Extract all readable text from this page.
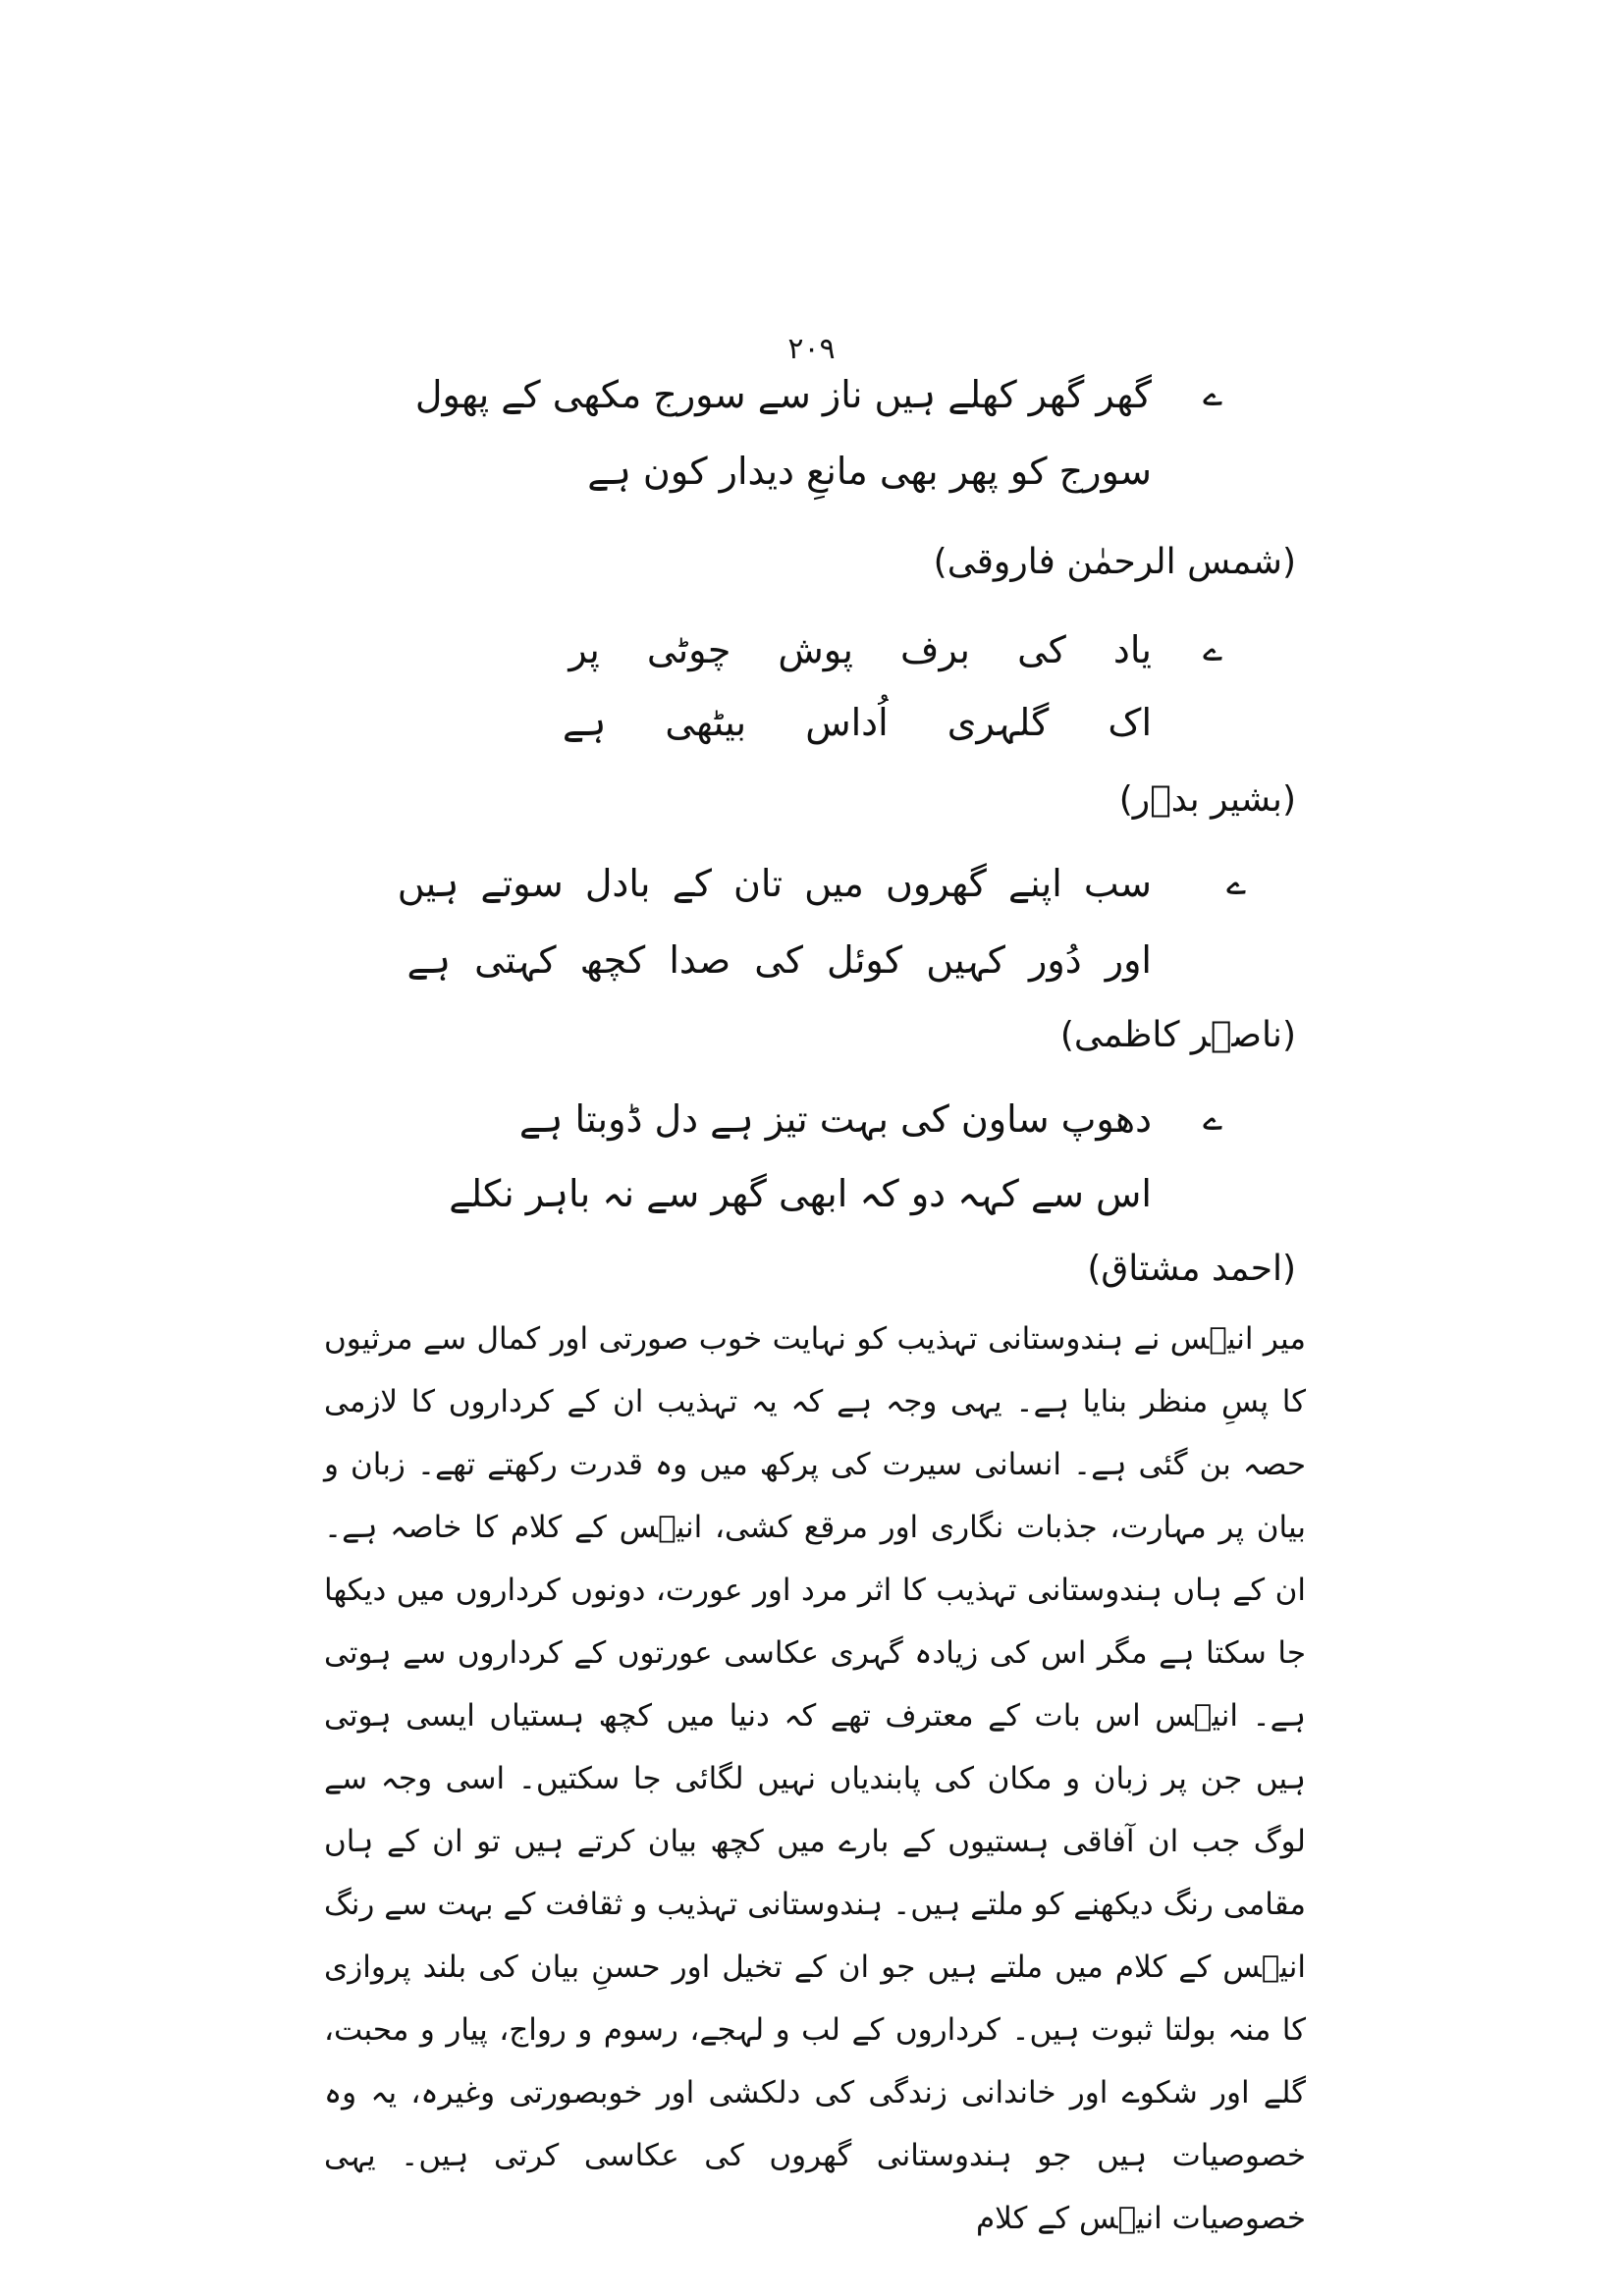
۲۰۹
ے
گھر گھر کھلے ہیں ناز سے سورج مکھی کے پھول
سورج کو پھر بھی مانعِ دیدار کون ہے
(شمس الرحمٰن فاروقی)
ے
یاد کی برف پوش چوٹی پر
اک گلہری اُداس بیٹھی ہے
(بشیر بدؔر)
ے
سب اپنے گھروں میں تان کے بادل سوتے ہیں
اور دُور کہیں کوئل کی صدا کچھ کہتی ہے
(ناصؔر کاظمی)
ے
دھوپ ساون کی بہت تیز ہے دل ڈوبتا ہے
اس سے کہہ دو کہ ابھی گھر سے نہ باہر نکلے
(احمد مشتاق)
میر انیؔس نے ہندوستانی تہذیب کو نہایت خوب صورتی اور کمال سے مرثیوں کا پسِ منظر بنایا ہے۔ یہی وجہ ہے کہ یہ تہذیب ان کے کرداروں کا لازمی حصہ بن گئی ہے۔ انسانی سیرت کی پرکھ میں وہ قدرت رکھتے تھے۔ زبان و بیان پر مہارت، جذبات نگاری اور مرقع کشی، انیؔس کے کلام کا خاصہ ہے۔ ان کے ہاں ہندوستانی تہذیب کا اثر مرد اور عورت، دونوں کرداروں میں دیکھا جا سکتا ہے مگر اس کی زیادہ گہری عکاسی عورتوں کے کرداروں سے ہوتی ہے۔ انیؔس اس بات کے معترف تھے کہ دنیا میں کچھ ہستیاں ایسی ہوتی ہیں جن پر زبان و مکان کی پابندیاں نہیں لگائی جا سکتیں۔ اسی وجہ سے لوگ جب ان آفاقی ہستیوں کے بارے میں کچھ بیان کرتے ہیں تو ان کے ہاں مقامی رنگ دیکھنے کو ملتے ہیں۔ ہندوستانی تہذیب و ثقافت کے بہت سے رنگ انیؔس کے کلام میں ملتے ہیں جو ان کے تخیل اور حسنِ بیان کی بلند پروازی کا منہ بولتا ثبوت ہیں۔ کرداروں کے لب و لہجے، رسوم و رواج، پیار و محبت، گلے اور شکوے اور خاندانی زندگی کی دلکشی اور خوبصورتی وغیرہ، یہ وہ خصوصیات ہیں جو ہندوستانی گھروں کی عکاسی کرتی ہیں۔ یہی خصوصیات انیؔس کے کلام
